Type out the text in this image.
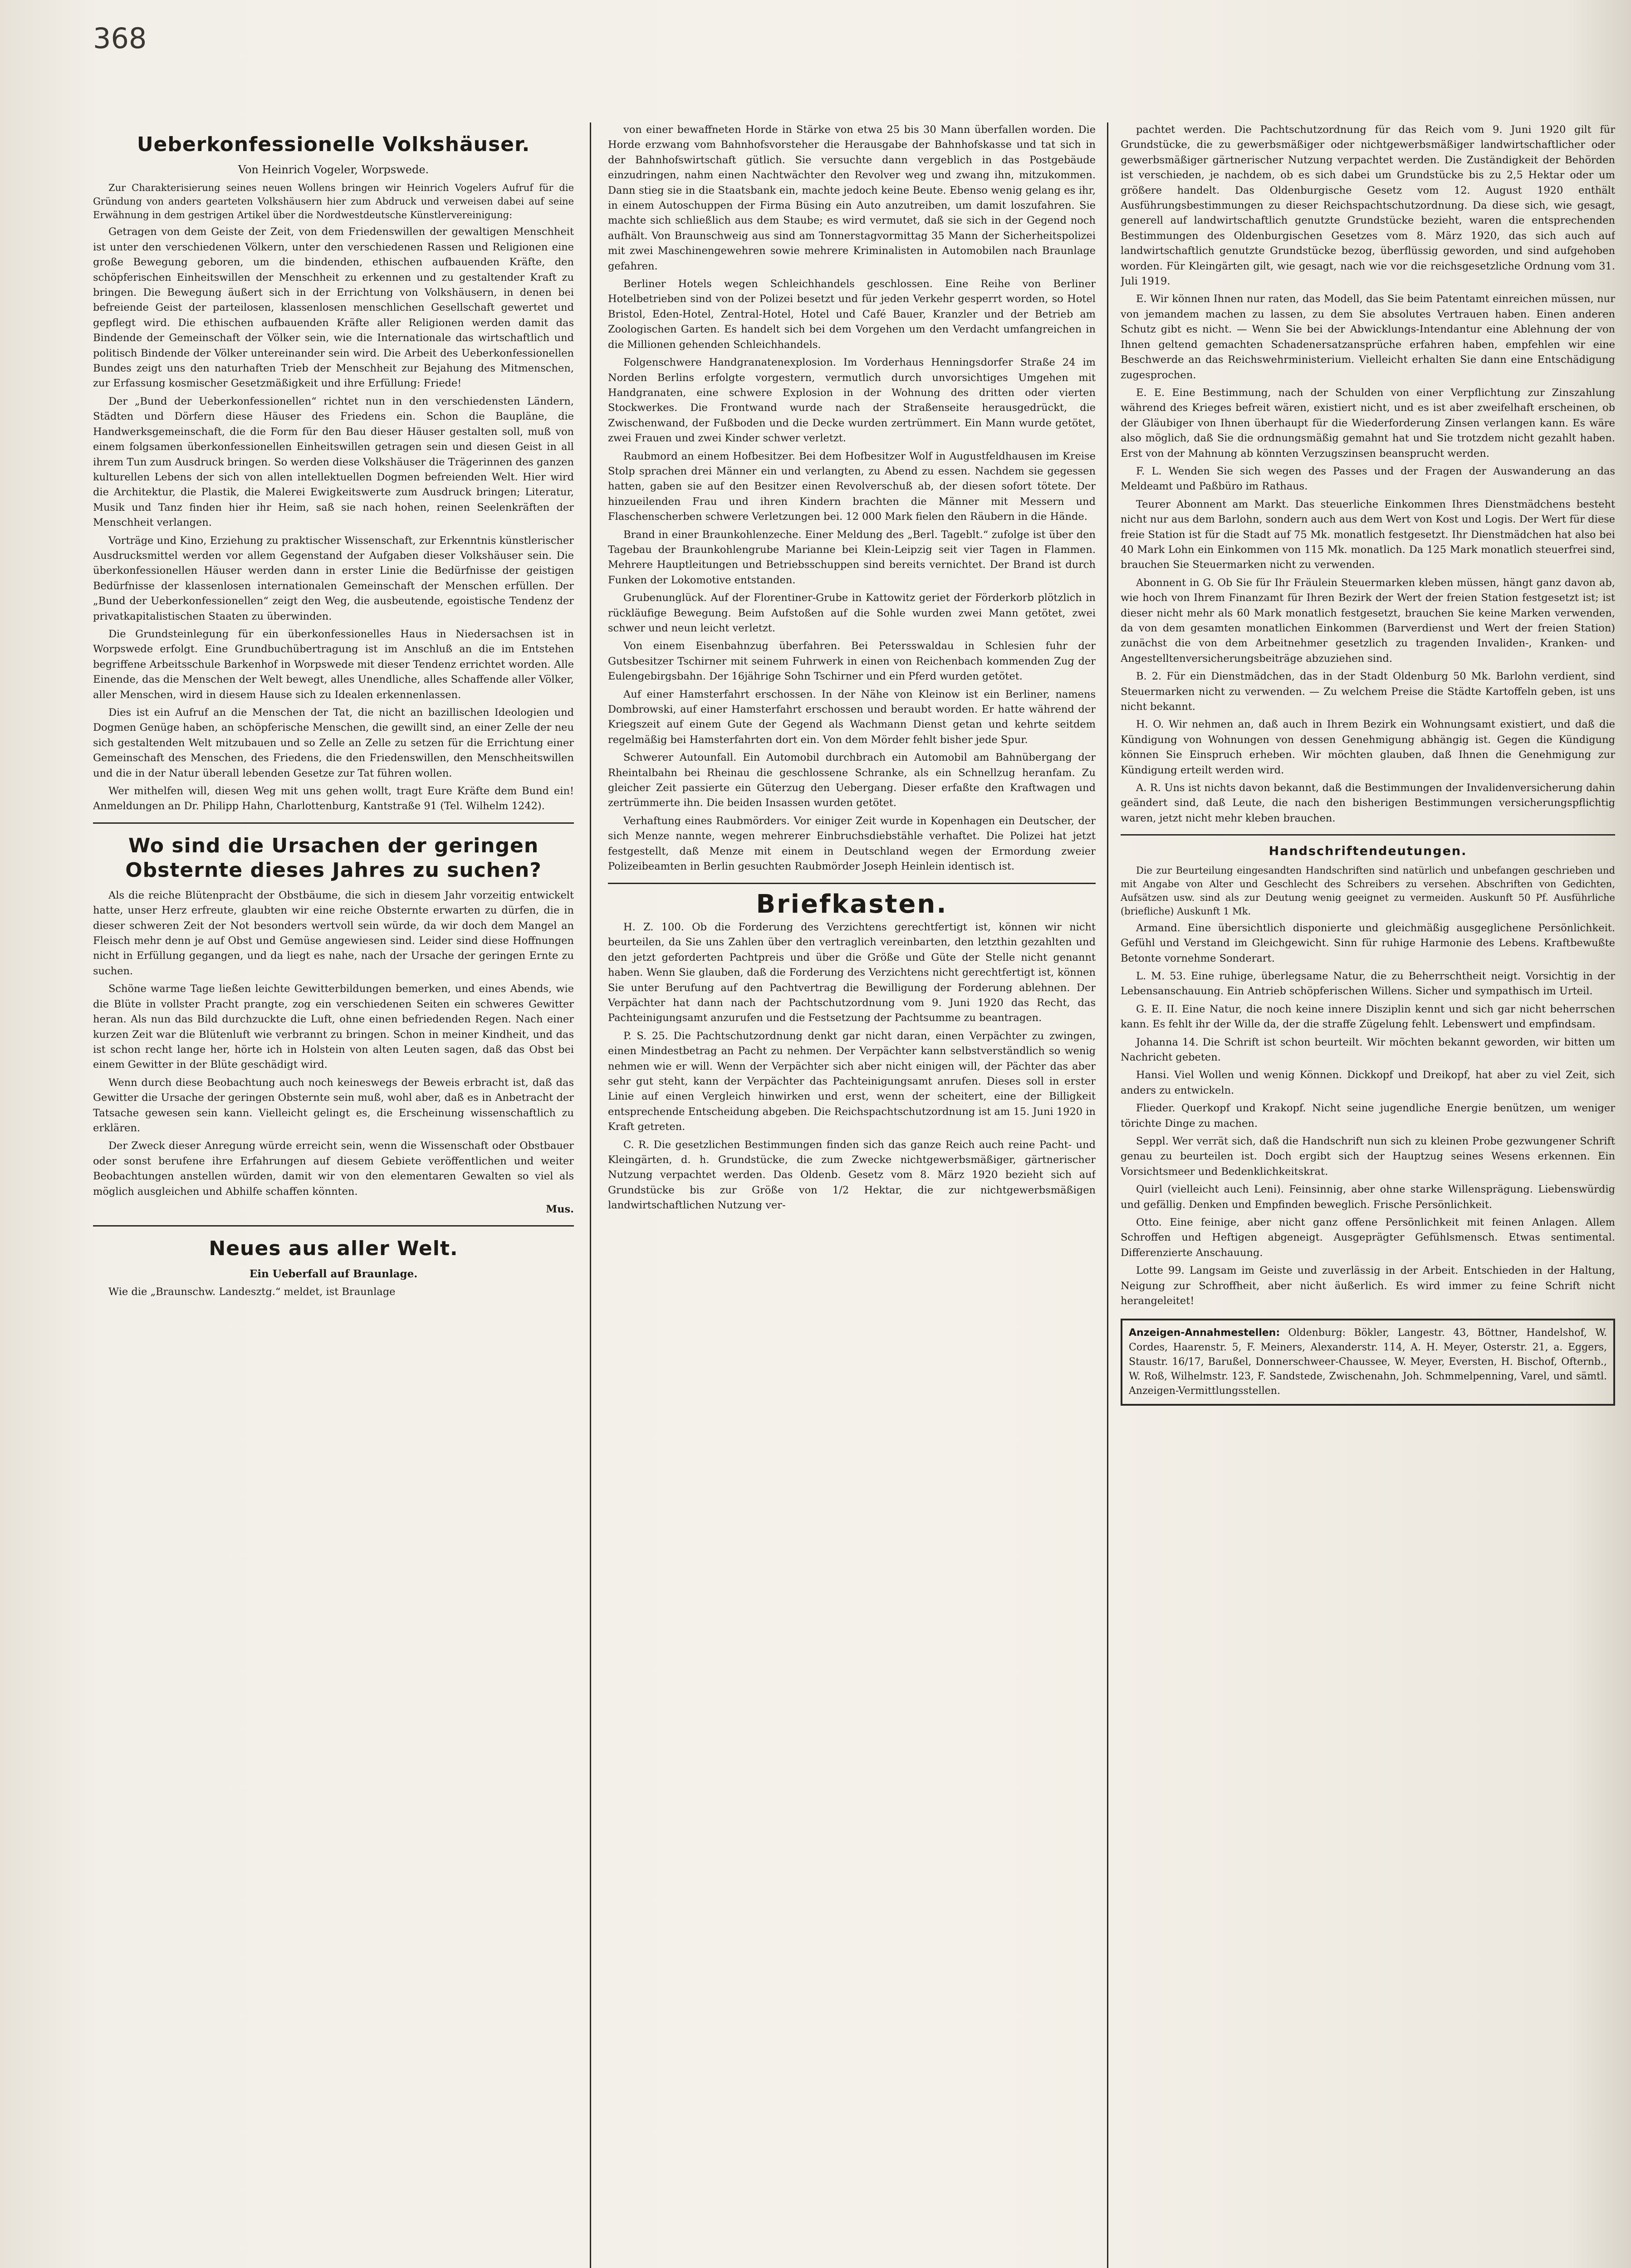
368
Ueberkonfessionelle Volkshäuser.
Von Heinrich Vogeler, Worpswede.

Zur Charakterisierung seines neuen Wollens bringen wir Heinrich Vogelers Aufruf für die Gründung von anders gearteten Volkshäusern hier zum Abdruck und verweisen dabei auf seine Erwähnung in dem gestrigen Artikel über die Nordwestdeutsche Künstlervereinigung:

Getragen von dem Geiste der Zeit, von dem Friedenswillen der gewaltigen Menschheit ist unter den verschiedenen Völkern, unter den verschiedenen Rassen und Religionen eine große Bewegung geboren, um die bindenden, ethischen aufbauenden Kräfte, den schöpferischen Einheitswillen der Menschheit zu erkennen und zu gestaltender Kraft zu bringen. Die Bewegung äußert sich in der Errichtung von Volkshäusern, in denen bei befreiende Geist der parteilosen, klassenlosen menschlichen Gesellschaft gewertet und gepflegt wird. Die ethischen aufbauenden Kräfte aller Religionen werden damit das Bindende der Gemeinschaft der Völker sein, wie die Internationale das wirtschaftlich und politisch Bindende der Völker untereinander sein wird. Die Arbeit des Ueberkonfessionellen Bundes zeigt uns den naturhaften Trieb der Menschheit zur Bejahung des Mitmenschen, zur Erfassung kosmischer Gesetzmäßigkeit und ihre Erfüllung: Friede!

Der „Bund der Ueberkonfessionellen“ richtet nun in den verschiedensten Ländern, Städten und Dörfern diese Häuser des Friedens ein. Schon die Baupläne, die Handwerksgemeinschaft, die die Form für den Bau dieser Häuser gestalten soll, muß von einem folgsamen überkonfessionellen Einheitswillen getragen sein und diesen Geist in all ihrem Tun zum Ausdruck bringen. So werden diese Volkshäuser die Trägerinnen des ganzen kulturellen Lebens der sich von allen intellektuellen Dogmen befreienden Welt. Hier wird die Architektur, die Plastik, die Malerei Ewigkeitswerte zum Ausdruck bringen; Literatur, Musik und Tanz finden hier ihr Heim, saß sie nach hohen, reinen Seelenkräften der Menschheit verlangen.

Vorträge und Kino, Erziehung zu praktischer Wissenschaft, zur Erkenntnis künstlerischer Ausdrucksmittel werden vor allem Gegenstand der Aufgaben dieser Volkshäuser sein. Die überkonfessionellen Häuser werden dann in erster Linie die Bedürfnisse der geistigen Bedürfnisse der klassenlosen internationalen Gemeinschaft der Menschen erfüllen. Der „Bund der Ueberkonfessionellen“ zeigt den Weg, die ausbeutende, egoistische Tendenz der privatkapitalistischen Staaten zu überwinden.

Die Grundsteinlegung für ein überkonfessionelles Haus in Niedersachsen ist in Worpswede erfolgt. Eine Grundbuchübertragung ist im Anschluß an die im Entstehen begriffene Arbeitsschule Barkenhof in Worpswede mit dieser Tendenz errichtet worden. Alle Einende, das die Menschen der Welt bewegt, alles Unendliche, alles Schaffende aller Völker, aller Menschen, wird in diesem Hause sich zu Idealen erkennenlassen.

Dies ist ein Aufruf an die Menschen der Tat, die nicht an bazillischen Ideologien und Dogmen Genüge haben, an schöpferische Menschen, die gewillt sind, an einer Zelle der neu sich gestaltenden Welt mitzubauen und so Zelle an Zelle zu setzen für die Errichtung einer Gemeinschaft des Menschen, des Friedens, die den Friedenswillen, den Menschheitswillen und die in der Natur überall lebenden Gesetze zur Tat führen wollen.

Wer mithelfen will, diesen Weg mit uns gehen wollt, tragt Eure Kräfte dem Bund ein! Anmeldungen an Dr. Philipp Hahn, Charlottenburg, Kantstraße 91 (Tel. Wilhelm 1242).

Wo sind die Ursachen der geringen Obsternte dieses Jahres zu suchen?

Als die reiche Blütenpracht der Obstbäume, die sich in diesem Jahr vorzeitig entwickelt hatte, unser Herz erfreute, glaubten wir eine reiche Obsternte erwarten zu dürfen, die in dieser schweren Zeit der Not besonders wertvoll sein würde, da wir doch dem Mangel an Fleisch mehr denn je auf Obst und Gemüse angewiesen sind. Leider sind diese Hoffnungen nicht in Erfüllung gegangen, und da liegt es nahe, nach der Ursache der geringen Ernte zu suchen.

Schöne warme Tage ließen leichte Gewitterbildungen bemerken, und eines Abends, wie die Blüte in vollster Pracht prangte, zog ein verschiedenen Seiten ein schweres Gewitter heran. Als nun das Bild durchzuckte die Luft, ohne einen befriedenden Regen. Nach einer kurzen Zeit war die Blütenluft wie verbrannt zu bringen. Schon in meiner Kindheit, und das ist schon recht lange her, hörte ich in Holstein von alten Leuten sagen, daß das Obst bei einem Gewitter in der Blüte geschädigt wird.

Wenn durch diese Beobachtung auch noch keineswegs der Beweis erbracht ist, daß das Gewitter die Ursache der geringen Obsternte sein muß, wohl aber, daß es in Anbetracht der Tatsache gewesen sein kann. Vielleicht gelingt es, die Erscheinung wissenschaftlich zu erklären.

Der Zweck dieser Anregung würde erreicht sein, wenn die Wissenschaft oder Obstbauer oder sonst berufene ihre Erfahrungen auf diesem Gebiete veröffentlichen und weiter Beobachtungen anstellen würden, damit wir von den elementaren Gewalten so viel als möglich ausgleichen und Abhilfe schaffen könnten.

Mus.
Neues aus aller Welt.
Ein Ueberfall auf Braunlage.

Wie die „Braunschw. Landesztg.“ meldet, ist Braunlage

von einer bewaffneten Horde in Stärke von etwa 25 bis 30 Mann überfallen worden. Die Horde erzwang vom Bahnhofsvorsteher die Herausgabe der Bahnhofskasse und tat sich in der Bahnhofswirtschaft gütlich. Sie versuchte dann vergeblich in das Postgebäude einzudringen, nahm einen Nachtwächter den Revolver weg und zwang ihn, mitzukommen. Dann stieg sie in die Staatsbank ein, machte jedoch keine Beute. Ebenso wenig gelang es ihr, in einem Autoschuppen der Firma Büsing ein Auto anzutreiben, um damit loszufahren. Sie machte sich schließlich aus dem Staube; es wird vermutet, daß sie sich in der Gegend noch aufhält. Von Braunschweig aus sind am Tonnerstagvormittag 35 Mann der Sicherheitspolizei mit zwei Maschinengewehren sowie mehrere Kriminalisten in Automobilen nach Braunlage gefahren.

Berliner Hotels wegen Schleichhandels geschlossen. Eine Reihe von Berliner Hotelbetrieben sind von der Polizei besetzt und für jeden Verkehr gesperrt worden, so Hotel Bristol, Eden-Hotel, Zentral-Hotel, Hotel und Café Bauer, Kranzler und der Betrieb am Zoologischen Garten. Es handelt sich bei dem Vorgehen um den Verdacht umfangreichen in die Millionen gehenden Schleichhandels.

Folgenschwere Handgranatenexplosion. Im Vorderhaus Henningsdorfer Straße 24 im Norden Berlins erfolgte vorgestern, vermutlich durch unvorsichtiges Umgehen mit Handgranaten, eine schwere Explosion in der Wohnung des dritten oder vierten Stockwerkes. Die Frontwand wurde nach der Straßenseite herausgedrückt, die Zwischenwand, der Fußboden und die Decke wurden zertrümmert. Ein Mann wurde getötet, zwei Frauen und zwei Kinder schwer verletzt.

Raubmord an einem Hofbesitzer. Bei dem Hofbesitzer Wolf in Augustfeldhausen im Kreise Stolp sprachen drei Männer ein und verlangten, zu Abend zu essen. Nachdem sie gegessen hatten, gaben sie auf den Besitzer einen Revolverschuß ab, der diesen sofort tötete. Der hinzueilenden Frau und ihren Kindern brachten die Männer mit Messern und Flaschenscherben schwere Verletzungen bei. 12 000 Mark fielen den Räubern in die Hände.

Brand in einer Braunkohlenzeche. Einer Meldung des „Berl. Tageblt.“ zufolge ist über den Tagebau der Braunkohlengrube Marianne bei Klein-Leipzig seit vier Tagen in Flammen. Mehrere Hauptleitungen und Betriebsschuppen sind bereits vernichtet. Der Brand ist durch Funken der Lokomotive entstanden.

Grubenunglück. Auf der Florentiner-Grube in Kattowitz geriet der Förderkorb plötzlich in rückläufige Bewegung. Beim Aufstoßen auf die Sohle wurden zwei Mann getötet, zwei schwer und neun leicht verletzt.

Von einem Eisenbahnzug überfahren. Bei Petersswaldau in Schlesien fuhr der Gutsbesitzer Tschirner mit seinem Fuhrwerk in einen von Reichenbach kommenden Zug der Eulengebirgsbahn. Der 16jährige Sohn Tschirner und ein Pferd wurden getötet.

Auf einer Hamsterfahrt erschossen. In der Nähe von Kleinow ist ein Berliner, namens Dombrowski, auf einer Hamsterfahrt erschossen und beraubt worden. Er hatte während der Kriegszeit auf einem Gute der Gegend als Wachmann Dienst getan und kehrte seitdem regelmäßig bei Hamsterfahrten dort ein. Von dem Mörder fehlt bisher jede Spur.

Schwerer Autounfall. Ein Automobil durchbrach ein Automobil am Bahnübergang der Rheintalbahn bei Rheinau die geschlossene Schranke, als ein Schnellzug heranfam. Zu gleicher Zeit passierte ein Güterzug den Uebergang. Dieser erfaßte den Kraftwagen und zertrümmerte ihn. Die beiden Insassen wurden getötet.

Verhaftung eines Raubmörders. Vor einiger Zeit wurde in Kopenhagen ein Deutscher, der sich Menze nannte, wegen mehrerer Einbruchsdiebstähle verhaftet. Die Polizei hat jetzt festgestellt, daß Menze mit einem in Deutschland wegen der Ermordung zweier Polizeibeamten in Berlin gesuchten Raubmörder Joseph Heinlein identisch ist.

Briefkasten.

H. Z. 100. Ob die Forderung des Verzichtens gerechtfertigt ist, können wir nicht beurteilen, da Sie uns Zahlen über den vertraglich vereinbarten, den letzthin gezahlten und den jetzt geforderten Pachtpreis und über die Größe und Güte der Stelle nicht genannt haben. Wenn Sie glauben, daß die Forderung des Verzichtens nicht gerechtfertigt ist, können Sie unter Berufung auf den Pachtvertrag die Bewilligung der Forderung ablehnen. Der Verpächter hat dann nach der Pachtschutzordnung vom 9. Juni 1920 das Recht, das Pachteinigungsamt anzurufen und die Festsetzung der Pachtsumme zu beantragen.

P. S. 25. Die Pachtschutzordnung denkt gar nicht daran, einen Verpächter zu zwingen, einen Mindestbetrag an Pacht zu nehmen. Der Verpächter kann selbstverständlich so wenig nehmen wie er will. Wenn der Verpächter sich aber nicht einigen will, der Pächter das aber sehr gut steht, kann der Verpächter das Pachteinigungsamt anrufen. Dieses soll in erster Linie auf einen Vergleich hinwirken und erst, wenn der scheitert, eine der Billigkeit entsprechende Entscheidung abgeben. Die Reichspachtschutzordnung ist am 15. Juni 1920 in Kraft getreten.

C. R. Die gesetzlichen Bestimmungen finden sich das ganze Reich auch reine Pacht- und Kleingärten, d. h. Grundstücke, die zum Zwecke nichtgewerbsmäßiger, gärtnerischer Nutzung verpachtet werden. Das Oldenb. Gesetz vom 8. März 1920 bezieht sich auf Grundstücke bis zur Größe von 1/2 Hektar, die zur nichtgewerbsmäßigen landwirtschaftlichen Nutzung ver-

pachtet werden. Die Pachtschutzordnung für das Reich vom 9. Juni 1920 gilt für Grundstücke, die zu gewerbsmäßiger oder nichtgewerbsmäßiger landwirtschaftlicher oder gewerbsmäßiger gärtnerischer Nutzung verpachtet werden. Die Zuständigkeit der Behörden ist verschieden, je nachdem, ob es sich dabei um Grundstücke bis zu 2,5 Hektar oder um größere handelt. Das Oldenburgische Gesetz vom 12. August 1920 enthält Ausführungsbestimmungen zu dieser Reichspachtschutzordnung. Da diese sich, wie gesagt, generell auf landwirtschaftlich genutzte Grundstücke bezieht, waren die entsprechenden Bestimmungen des Oldenburgischen Gesetzes vom 8. März 1920, das sich auch auf landwirtschaftlich genutzte Grundstücke bezog, überflüssig geworden, und sind aufgehoben worden. Für Kleingärten gilt, wie gesagt, nach wie vor die reichsgesetzliche Ordnung vom 31. Juli 1919.

E. Wir können Ihnen nur raten, das Modell, das Sie beim Patentamt einreichen müssen, nur von jemandem machen zu lassen, zu dem Sie absolutes Vertrauen haben. Einen anderen Schutz gibt es nicht. — Wenn Sie bei der Abwicklungs-Intendantur eine Ablehnung der von Ihnen geltend gemachten Schadenersatzansprüche erfahren haben, empfehlen wir eine Beschwerde an das Reichswehrministerium. Vielleicht erhalten Sie dann eine Entschädigung zugesprochen.

E. E. Eine Bestimmung, nach der Schulden von einer Verpflichtung zur Zinszahlung während des Krieges befreit wären, existiert nicht, und es ist aber zweifelhaft erscheinen, ob der Gläubiger von Ihnen überhaupt für die Wiederforderung Zinsen verlangen kann. Es wäre also möglich, daß Sie die ordnungsmäßig gemahnt hat und Sie trotzdem nicht gezahlt haben. Erst von der Mahnung ab könnten Verzugszinsen beansprucht werden.

F. L. Wenden Sie sich wegen des Passes und der Fragen der Auswanderung an das Meldeamt und Paßbüro im Rathaus.

Teurer Abonnent am Markt. Das steuerliche Einkommen Ihres Dienstmädchens besteht nicht nur aus dem Barlohn, sondern auch aus dem Wert von Kost und Logis. Der Wert für diese freie Station ist für die Stadt auf 75 Mk. monatlich festgesetzt. Ihr Dienstmädchen hat also bei 40 Mark Lohn ein Einkommen von 115 Mk. monatlich. Da 125 Mark monatlich steuerfrei sind, brauchen Sie Steuermarken nicht zu verwenden.

Abonnent in G. Ob Sie für Ihr Fräulein Steuermarken kleben müssen, hängt ganz davon ab, wie hoch von Ihrem Finanzamt für Ihren Bezirk der Wert der freien Station festgesetzt ist; ist dieser nicht mehr als 60 Mark monatlich festgesetzt, brauchen Sie keine Marken verwenden, da von dem gesamten monatlichen Einkommen (Barverdienst und Wert der freien Station) zunächst die von dem Arbeitnehmer gesetzlich zu tragenden Invaliden-, Kranken- und Angestelltenversicherungsbeiträge abzuziehen sind.

B. 2. Für ein Dienstmädchen, das in der Stadt Oldenburg 50 Mk. Barlohn verdient, sind Steuermarken nicht zu verwenden. — Zu welchem Preise die Städte Kartoffeln geben, ist uns nicht bekannt.

H. O. Wir nehmen an, daß auch in Ihrem Bezirk ein Wohnungsamt existiert, und daß die Kündigung von Wohnungen von dessen Genehmigung abhängig ist. Gegen die Kündigung können Sie Einspruch erheben. Wir möchten glauben, daß Ihnen die Genehmigung zur Kündigung erteilt werden wird.

A. R. Uns ist nichts davon bekannt, daß die Bestimmungen der Invalidenversicherung dahin geändert sind, daß Leute, die nach den bisherigen Bestimmungen versicherungspflichtig waren, jetzt nicht mehr kleben brauchen.

Handschriftendeutungen.

Die zur Beurteilung eingesandten Handschriften sind natürlich und unbefangen geschrieben und mit Angabe von Alter und Geschlecht des Schreibers zu versehen. Abschriften von Gedichten, Aufsätzen usw. sind als zur Deutung wenig geeignet zu vermeiden. Auskunft 50 Pf. Ausführliche (briefliche) Auskunft 1 Mk.

Armand. Eine übersichtlich disponierte und gleichmäßig ausgeglichene Persönlichkeit. Gefühl und Verstand im Gleichgewicht. Sinn für ruhige Harmonie des Lebens. Kraftbewußte Betonte vornehme Sonderart.

L. M. 53. Eine ruhige, überlegsame Natur, die zu Beherrschtheit neigt. Vorsichtig in der Lebensanschauung. Ein Antrieb schöpferischen Willens. Sicher und sympathisch im Urteil.

G. E. II. Eine Natur, die noch keine innere Disziplin kennt und sich gar nicht beherrschen kann. Es fehlt ihr der Wille da, der die straffe Zügelung fehlt. Lebenswert und empfindsam.

Johanna 14. Die Schrift ist schon beurteilt. Wir möchten bekannt geworden, wir bitten um Nachricht gebeten.

Hansi. Viel Wollen und wenig Können. Dickkopf und Dreikopf, hat aber zu viel Zeit, sich anders zu entwickeln.

Flieder. Querkopf und Krakopf. Nicht seine jugendliche Energie benützen, um weniger törichte Dinge zu machen.

Seppl. Wer verrät sich, daß die Handschrift nun sich zu kleinen Probe gezwungener Schrift genau zu beurteilen ist. Doch ergibt sich der Hauptzug seines Wesens erkennen. Ein Vorsichtsmeer und Bedenklichkeitskrat.

Quirl (vielleicht auch Leni). Feinsinnig, aber ohne starke Willensprägung. Liebenswürdig und gefällig. Denken und Empfinden beweglich. Frische Persönlichkeit.

Otto. Eine feinige, aber nicht ganz offene Persönlichkeit mit feinen Anlagen. Allem Schroffen und Heftigen abgeneigt. Ausgeprägter Gefühlsmensch. Etwas sentimental. Differenzierte Anschauung.

Lotte 99. Langsam im Geiste und zuverlässig in der Arbeit. Entschieden in der Haltung, Neigung zur Schroffheit, aber nicht äußerlich. Es wird immer zu feine Schrift nicht herangeleitet!

Anzeigen-Annahmestellen: Oldenburg: Bökler, Langestr. 43, Böttner, Handelshof, W. Cordes, Haarenstr. 5, F. Meiners, Alexanderstr. 114, A. H. Meyer, Osterstr. 21, a. Eggers, Staustr. 16/17, Barußel, Donnerschweer-Chaussee, W. Meyer, Eversten, H. Bischof, Ofternb., W. Roß, Wilhelmstr. 123, F. Sandstede, Zwischenahn, Joh. Schmmelpenning, Varel, und sämtl. Anzeigen-Vermittlungsstellen.
